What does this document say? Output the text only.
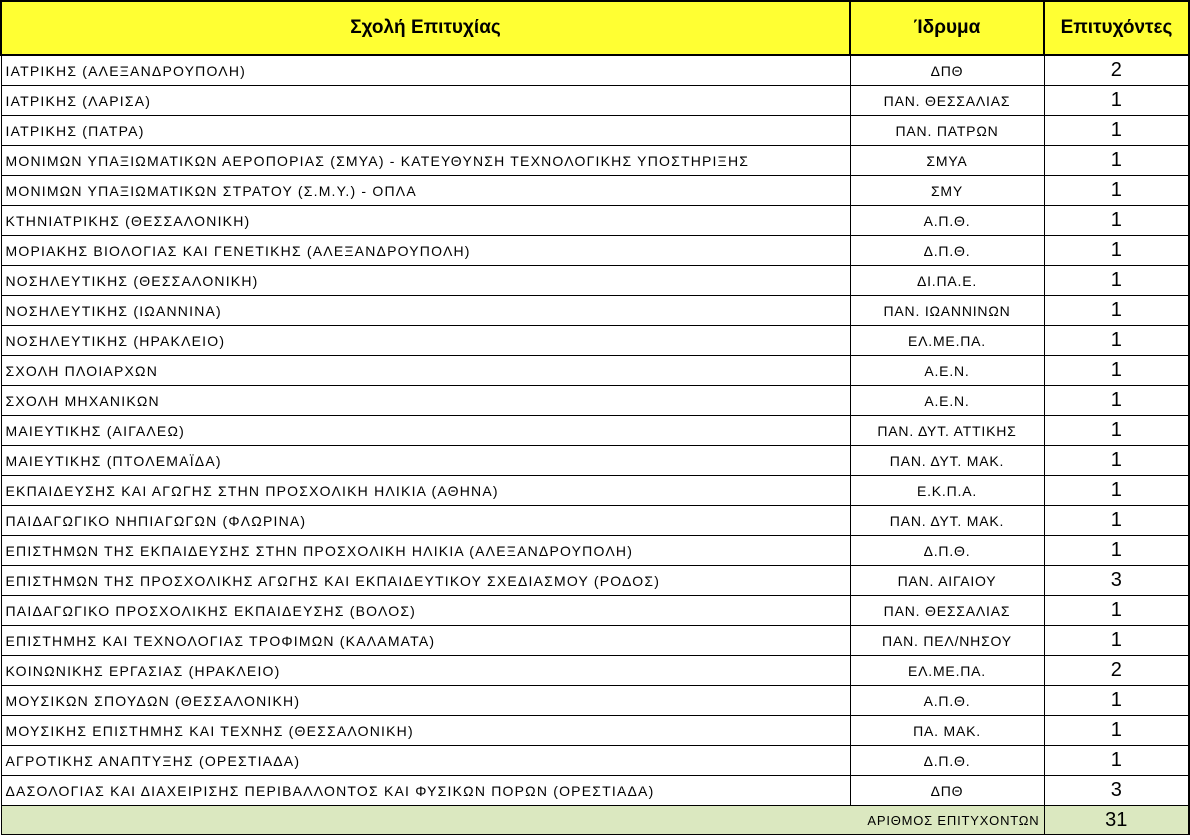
Σχολή Επιτυχίας	Ίδρυμα	Επιτυχόντες
ΙΑΤΡΙΚΗΣ (ΑΛΕΞΑΝΔΡΟΥΠΟΛΗ)	ΔΠΘ	2
ΙΑΤΡΙΚΗΣ (ΛΑΡΙΣΑ)	ΠΑΝ. ΘΕΣΣΑΛΙΑΣ	1
ΙΑΤΡΙΚΗΣ (ΠΑΤΡΑ)	ΠΑΝ. ΠΑΤΡΩΝ	1
ΜΟΝΙΜΩΝ ΥΠΑΞΙΩΜΑΤΙΚΩΝ ΑΕΡΟΠΟΡΙΑΣ (ΣΜΥΑ) - ΚΑΤΕΥΘΥΝΣΗ ΤΕΧΝΟΛΟΓΙΚΗΣ ΥΠΟΣΤΗΡΙΞΗΣ	ΣΜΥΑ	1
ΜΟΝΙΜΩΝ ΥΠΑΞΙΩΜΑΤΙΚΩΝ ΣΤΡΑΤΟΥ (Σ.Μ.Υ.) - ΟΠΛΑ	ΣΜΥ	1
ΚΤΗΝΙΑΤΡΙΚΗΣ (ΘΕΣΣΑΛΟΝΙΚΗ)	Α.Π.Θ.	1
ΜΟΡΙΑΚΗΣ ΒΙΟΛΟΓΙΑΣ ΚΑΙ ΓΕΝΕΤΙΚΗΣ (ΑΛΕΞΑΝΔΡΟΥΠΟΛΗ)	Δ.Π.Θ.	1
ΝΟΣΗΛΕΥΤΙΚΗΣ (ΘΕΣΣΑΛΟΝΙΚΗ)	ΔΙ.ΠΑ.Ε.	1
ΝΟΣΗΛΕΥΤΙΚΗΣ (ΙΩΑΝΝΙΝΑ)	ΠΑΝ. ΙΩΑΝΝΙΝΩΝ	1
ΝΟΣΗΛΕΥΤΙΚΗΣ (ΗΡΑΚΛΕΙΟ)	ΕΛ.ΜΕ.ΠΑ.	1
ΣΧΟΛΗ ΠΛΟΙΑΡΧΩΝ	Α.Ε.Ν.	1
ΣΧΟΛΗ ΜΗΧΑΝΙΚΩΝ	Α.Ε.Ν.	1
ΜΑΙΕΥΤΙΚΗΣ (ΑΙΓΑΛΕΩ)	ΠΑΝ. ΔΥΤ. ΑΤΤΙΚΗΣ	1
ΜΑΙΕΥΤΙΚΗΣ (ΠΤΟΛΕΜΑΪΔΑ)	ΠΑΝ. ΔΥΤ. ΜΑΚ.	1
ΕΚΠΑΙΔΕΥΣΗΣ ΚΑΙ ΑΓΩΓΗΣ ΣΤΗΝ ΠΡΟΣΧΟΛΙΚΗ ΗΛΙΚΙΑ (ΑΘΗΝΑ)	Ε.Κ.Π.Α.	1
ΠΑΙΔΑΓΩΓΙΚΟ ΝΗΠΙΑΓΩΓΩΝ (ΦΛΩΡΙΝΑ)	ΠΑΝ. ΔΥΤ. ΜΑΚ.	1
ΕΠΙΣΤΗΜΩΝ ΤΗΣ ΕΚΠΑΙΔΕΥΣΗΣ ΣΤΗΝ ΠΡΟΣΧΟΛΙΚΗ ΗΛΙΚΙΑ (ΑΛΕΞΑΝΔΡΟΥΠΟΛΗ)	Δ.Π.Θ.	1
ΕΠΙΣΤΗΜΩΝ ΤΗΣ ΠΡΟΣΧΟΛΙΚΗΣ ΑΓΩΓΗΣ ΚΑΙ ΕΚΠΑΙΔΕΥΤΙΚΟΥ ΣΧΕΔΙΑΣΜΟΥ (ΡΟΔΟΣ)	ΠΑΝ. ΑΙΓΑΙΟΥ	3
ΠΑΙΔΑΓΩΓΙΚΟ ΠΡΟΣΧΟΛΙΚΗΣ ΕΚΠΑΙΔΕΥΣΗΣ (ΒΟΛΟΣ)	ΠΑΝ. ΘΕΣΣΑΛΙΑΣ	1
ΕΠΙΣΤΗΜΗΣ ΚΑΙ ΤΕΧΝΟΛΟΓΙΑΣ ΤΡΟΦΙΜΩΝ (ΚΑΛΑΜΑΤΑ)	ΠΑΝ. ΠΕΛ/ΝΗΣΟΥ	1
ΚΟΙΝΩΝΙΚΗΣ ΕΡΓΑΣΙΑΣ (ΗΡΑΚΛΕΙΟ)	ΕΛ.ΜΕ.ΠΑ.	2
ΜΟΥΣΙΚΩΝ ΣΠΟΥΔΩΝ (ΘΕΣΣΑΛΟΝΙΚΗ)	Α.Π.Θ.	1
ΜΟΥΣΙΚΗΣ ΕΠΙΣΤΗΜΗΣ ΚΑΙ ΤΕΧΝΗΣ (ΘΕΣΣΑΛΟΝΙΚΗ)	ΠΑ. ΜΑΚ.	1
ΑΓΡΟΤΙΚΗΣ ΑΝΑΠΤΥΞΗΣ (ΟΡΕΣΤΙΑΔΑ)	Δ.Π.Θ.	1
ΔΑΣΟΛΟΓΙΑΣ ΚΑΙ ΔΙΑΧΕΙΡΙΣΗΣ ΠΕΡΙΒΑΛΛΟΝΤΟΣ ΚΑΙ ΦΥΣΙΚΩΝ ΠΟΡΩΝ (ΟΡΕΣΤΙΑΔΑ)	ΔΠΘ	3
ΑΡΙΘΜΟΣ ΕΠΙΤΥΧΟΝΤΩΝ		31
